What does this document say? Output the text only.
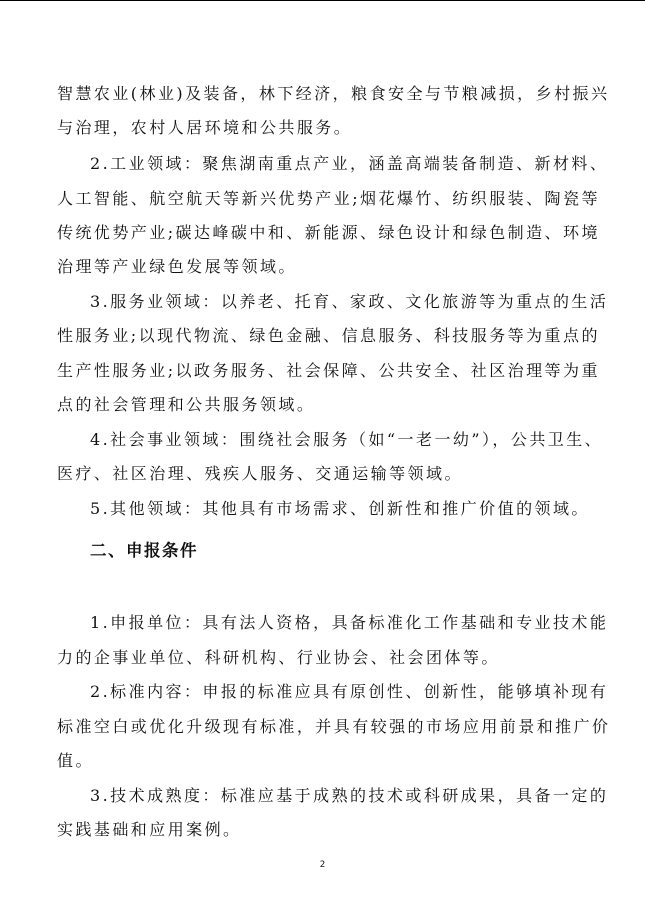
智慧农业(林业)及装备，林下经济，粮食安全与节粮减损，乡村振兴
与治理，农村人居环境和公共服务。
2.工业领域：聚焦湖南重点产业，涵盖高端装备制造、新材料、
人工智能、航空航天等新兴优势产业;烟花爆竹、纺织服装、陶瓷等
传统优势产业;碳达峰碳中和、新能源、绿色设计和绿色制造、环境
治理等产业绿色发展等领域。
3.服务业领域：以养老、托育、家政、文化旅游等为重点的生活
性服务业;以现代物流、绿色金融、信息服务、科技服务等为重点的
生产性服务业;以政务服务、社会保障、公共安全、社区治理等为重
点的社会管理和公共服务领域。
4.社会事业领域：围绕社会服务（如“一老一幼”），公共卫生、
医疗、社区治理、残疾人服务、交通运输等领域。
5.其他领域：其他具有市场需求、创新性和推广价值的领域。
二、申报条件
1.申报单位：具有法人资格，具备标准化工作基础和专业技术能
力的企事业单位、科研机构、行业协会、社会团体等。
2.标准内容：申报的标准应具有原创性、创新性，能够填补现有
标准空白或优化升级现有标准，并具有较强的市场应用前景和推广价
值。
3.技术成熟度：标准应基于成熟的技术或科研成果，具备一定的
实践基础和应用案例。
2
